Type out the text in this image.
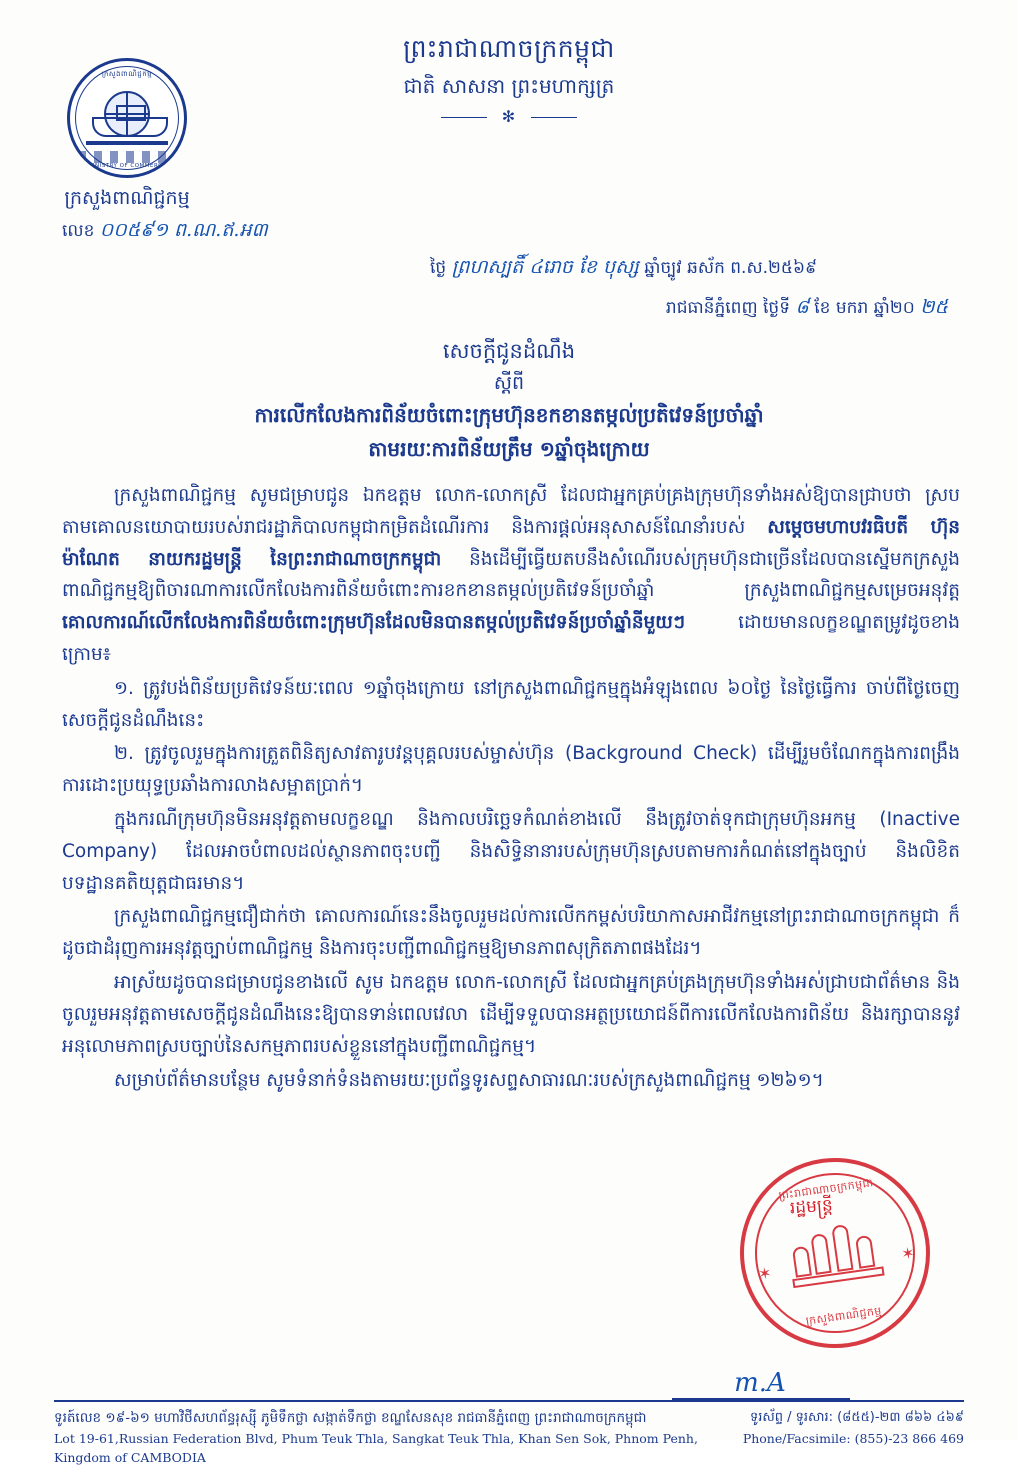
ព្រះរាជាណាចក្រកម្ពុជា
ជាតិ សាសនា ព្រះមហាក្សត្រ
✻
ក្រសួងពាណិជ្ជកម្ម
MINISTRY OF COMMERCE
ក្រសួងពាណិជ្ជកម្ម
លេខ ០០៥៩១ ព.ណ.ឥ.អ៣
ថ្ងៃ ព្រហស្បតិ៍ ៤រោច ខែ បុស្ស ឆ្នាំច្បូវ ឆស័ក ព.ស.២៥៦៩
រាជធានីភ្នំពេញ ថ្ងៃទី ៨ ខែ មករា ឆ្នាំ២០ ២៥
សេចក្តីជូនដំណឹង
ស្តីពី
ការលើកលែងការពិន័យចំពោះក្រុមហ៊ុនខកខានតម្កល់ប្រតិវេទន៍ប្រចាំឆ្នាំ
តាមរយៈការពិន័យត្រឹម ១ឆ្នាំចុងក្រោយ

ក្រសួងពាណិជ្ជកម្ម សូមជម្រាបជូន ឯកឧត្តម លោក-លោកស្រី ដែលជាអ្នកគ្រប់គ្រងក្រុមហ៊ុនទាំងអស់ឱ្យបានជ្រាបថា ស្របតាមគោលនយោបាយរបស់រាជរដ្ឋាភិបាលកម្ពុជាកម្រិតដំណើរការ និងការផ្តល់អនុសាសន៍ណែនាំរបស់ សម្តេចមហាបវរធិបតី ហ៊ុន ម៉ាណែត នាយករដ្ឋមន្ត្រី នៃព្រះរាជាណាចក្រកម្ពុជា និងដើម្បីធ្វើយតបនឹងសំណើរបស់ក្រុមហ៊ុនជាច្រើនដែលបានស្នើមកក្រសួងពាណិជ្ជកម្មឱ្យពិចារណាការលើកលែងការពិន័យចំពោះការខកខានតម្កល់ប្រតិវេទន៍ប្រចាំឆ្នាំ ក្រសួងពាណិជ្ជកម្មសម្រេចអនុវត្ត គោលការណ៍លើកលែងការពិន័យចំពោះក្រុមហ៊ុនដែលមិនបានតម្កល់ប្រតិវេទន៍ប្រចាំឆ្នាំនីមួយៗ	ដោយមានលក្ខខណ្ឌតម្រូវដូចខាងក្រោម៖

១. ត្រូវបង់ពិន័យប្រតិវេទន៍យៈពេល ១ឆ្នាំចុងក្រោយ នៅក្រសួងពាណិជ្ជកម្មក្នុងអំឡុងពេល ៦០ថ្ងៃ នៃថ្ងៃធ្វើការ ចាប់ពីថ្ងៃចេញសេចក្តីជូនដំណឹងនេះ

២. ត្រូវចូលរួមក្នុងការត្រួតពិនិត្យសាវតារូបវន្តបុគ្គលរបស់ម្ចាស់ហ៊ុន (Background Check) ដើម្បីរួមចំណែកក្នុងការពង្រឹងការដោះប្រយុទ្ធប្រឆាំងការលាងសម្អាតប្រាក់។

ក្នុងករណីក្រុមហ៊ុនមិនអនុវត្តតាមលក្ខខណ្ឌ និងកាលបរិច្ឆេទកំណត់ខាងលើ នឹងត្រូវចាត់ទុកជាក្រុមហ៊ុនអកម្ម (Inactive Company) ដែលអាចបំពាលដល់ស្ថានភាពចុះបញ្ជី និងសិទ្ធិនានារបស់ក្រុមហ៊ុនស្របតាមការកំណត់នៅក្នុងច្បាប់ និងលិខិតបទដ្ឋានគតិយុត្តជាធរមាន។

ក្រសួងពាណិជ្ជកម្មជឿជាក់ថា គោលការណ៍នេះនឹងចូលរួមដល់ការលើកកម្ពស់បរិយាកាសអាជីវកម្មនៅព្រះរាជាណាចក្រកម្ពុជា ក៏ដូចជាដំរុញការអនុវត្តច្បាប់ពាណិជ្ជកម្ម និងការចុះបញ្ជីពាណិជ្ជកម្មឱ្យមានភាពសុក្រិតភាពផងដែរ។

អាស្រ័យដូចបានជម្រាបជូនខាងលើ សូម ឯកឧត្តម លោក-លោកស្រី ដែលជាអ្នកគ្រប់គ្រងក្រុមហ៊ុនទាំងអស់ជ្រាបជាព័ត៌មាន និងចូលរួមអនុវត្តតាមសេចក្តីជូនដំណឹងនេះឱ្យបានទាន់ពេលវេលា ដើម្បីទទួលបានអត្ថប្រយោជន៍ពីការលើកលែងការពិន័យ និងរក្សាបាននូវអនុលោមភាពស្របច្បាប់នៃសកម្មភាពរបស់ខ្លួននៅក្នុងបញ្ជីពាណិជ្ជកម្ម។

សម្រាប់ព័ត៌មានបន្ថែម សូមទំនាក់ទំនងតាមរយៈប្រព័ន្ធទូរសព្ទសាធារណៈរបស់ក្រសួងពាណិជ្ជកម្ម ១២៦១។

ព្រះរាជាណាចក្រកម្ពុជា
✶
✶
ក្រសួងពាណិជ្ជកម្ម
រដ្ឋមន្ត្រី
m.A
ទូរត៍លេខ ១៩-៦១ មហាវិថីសហព័ន្ធរុស្ស៊ី ភូមិទឹកថ្លា សង្កាត់ទឹកថ្លា ខណ្ឌសែនសុខ រាជធានីភ្នំពេញ ព្រះរាជាណាចក្រកម្ពុជា	ទូរស័ព្ទ / ទូរសារ: (៨៥៥)-២៣ ៨៦៦ ៤៦៩
Lot 19-61,Russian Federation Blvd, Phum Teuk Thla, Sangkat Teuk Thla, Khan Sen Sok, Phnom Penh, Kingdom of CAMBODIA
Phone/Facsimile: (855)-23 866 469
